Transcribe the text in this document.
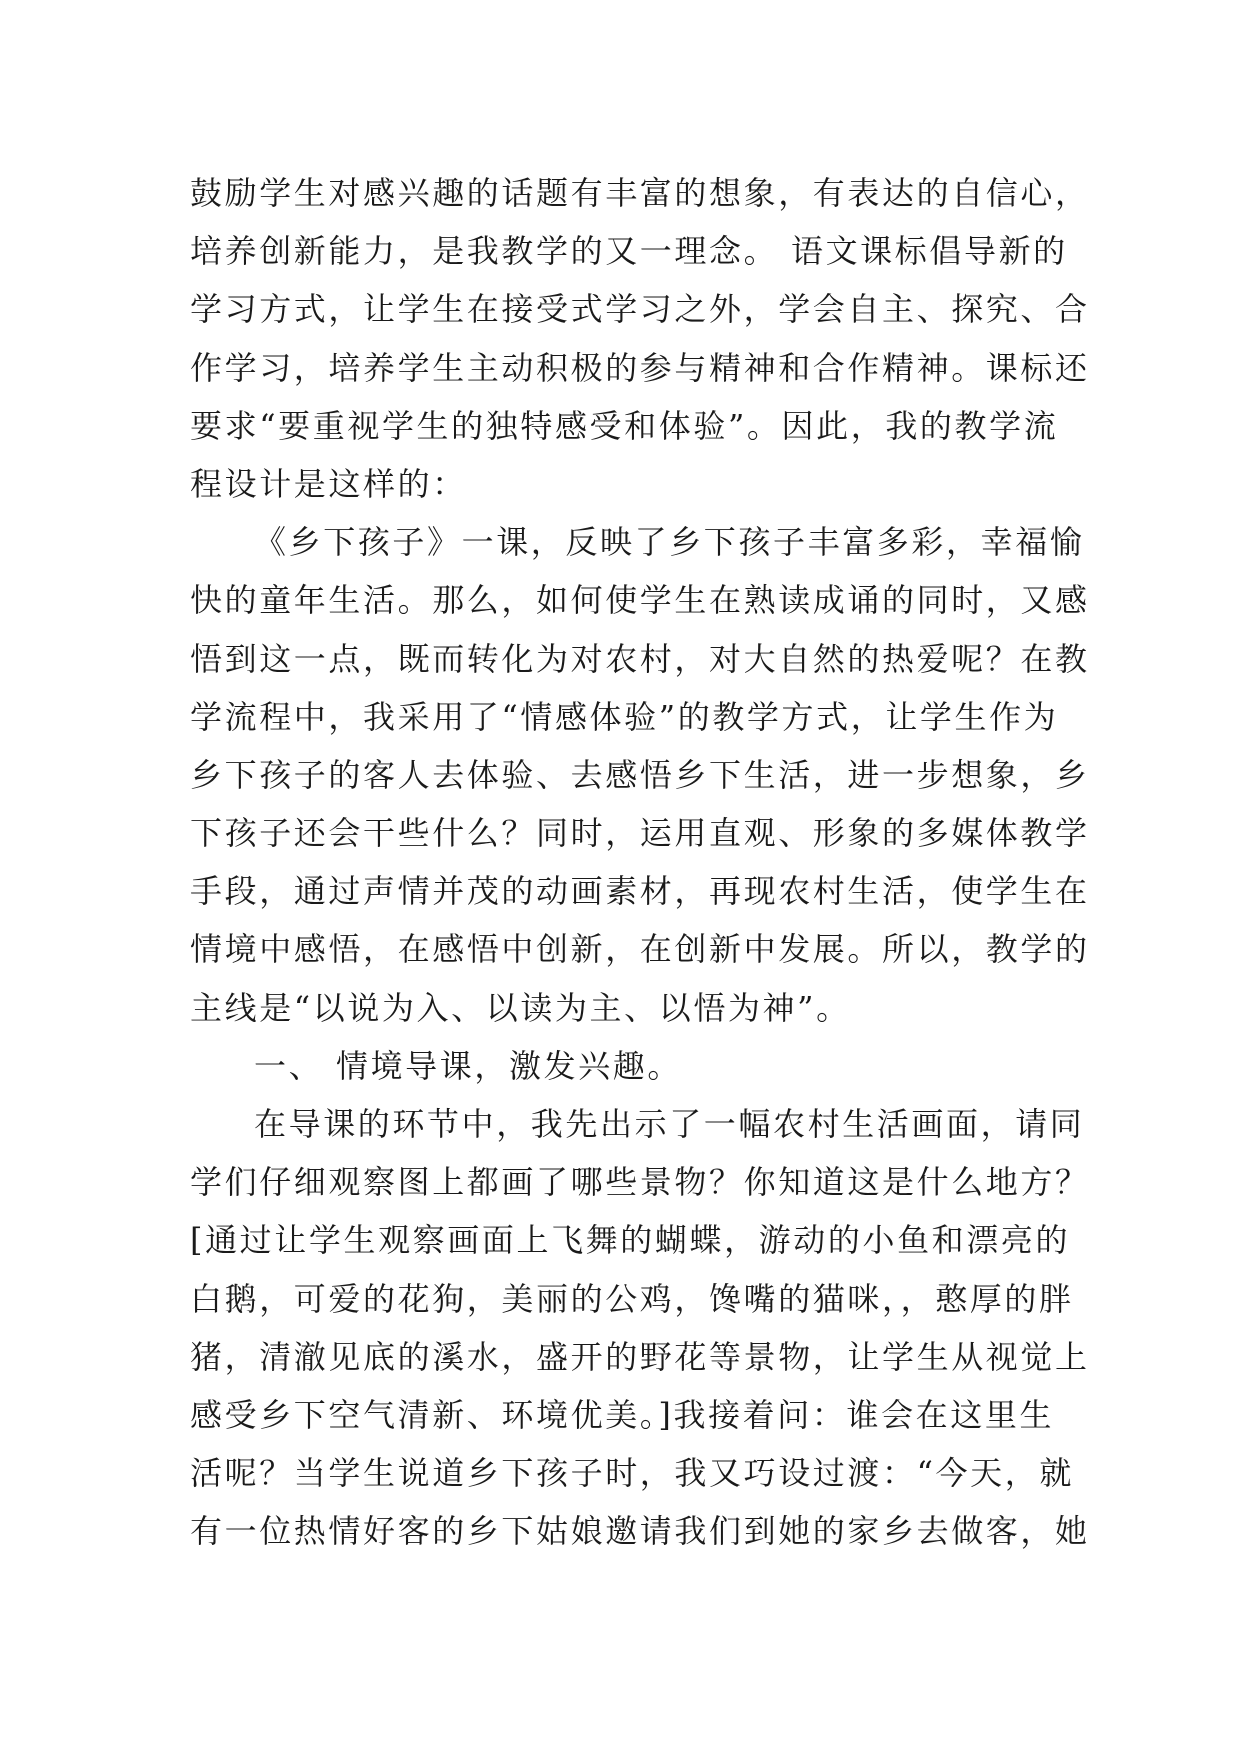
鼓励学生对感兴趣的话题有丰富的想象，有表达的自信心，
培养创新能力，是我教学的又一理念。 语文课标倡导新的
学习方式，让学生在接受式学习之外，学会自主、探究、合
作学习，培养学生主动积极的参与精神和合作精神。课标还
要求“要重视学生的独特感受和体验”。因此，我的教学流
程设计是这样的：
《乡下孩子》一课，反映了乡下孩子丰富多彩，幸福愉
快的童年生活。那么，如何使学生在熟读成诵的同时，又感
悟到这一点，既而转化为对农村，对大自然的热爱呢？在教
学流程中，我采用了“情感体验”的教学方式，让学生作为
乡下孩子的客人去体验、去感悟乡下生活，进一步想象，乡
下孩子还会干些什么？同时，运用直观、形象的多媒体教学
手段，通过声情并茂的动画素材，再现农村生活，使学生在
情境中感悟，在感悟中创新，在创新中发展。所以，教学的
主线是“以说为入、以读为主、以悟为神”。
一、 情境导课，激发兴趣。
在导课的环节中，我先出示了一幅农村生活画面，请同
学们仔细观察图上都画了哪些景物？你知道这是什么地方？
[通过让学生观察画面上飞舞的蝴蝶，游动的小鱼和漂亮的
白鹅，可爱的花狗，美丽的公鸡，馋嘴的猫咪，，憨厚的胖
猪，清澈见底的溪水，盛开的野花等景物，让学生从视觉上
感受乡下空气清新、环境优美。]我接着问：谁会在这里生
活呢？当学生说道乡下孩子时，我又巧设过渡：“今天，就
有一位热情好客的乡下姑娘邀请我们到她的家乡去做客，她
